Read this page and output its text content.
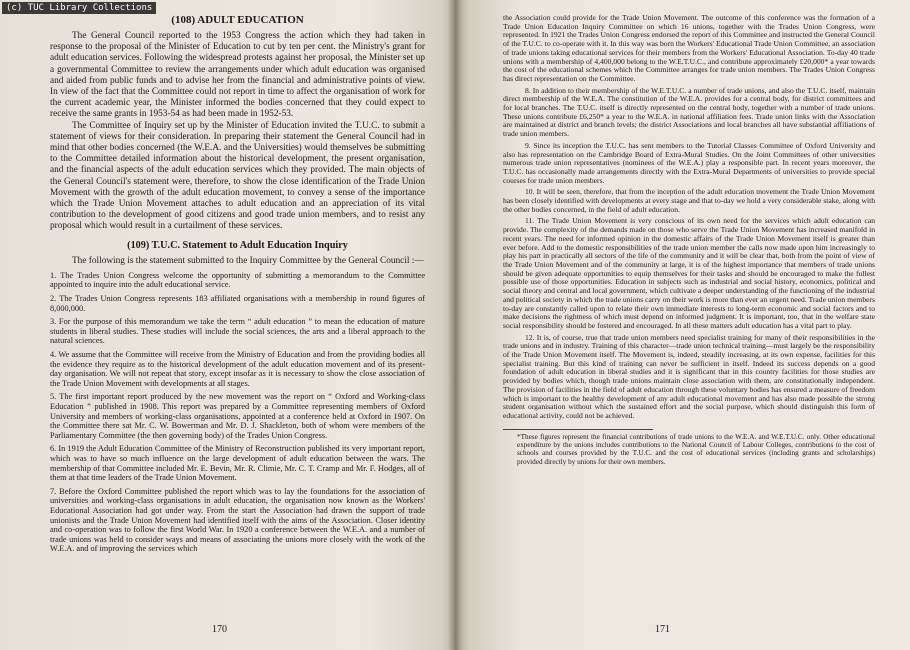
(c) TUC Library Collections
(108) ADULT EDUCATION

The General Council reported to the 1953 Congress the action which they had taken in response to the proposal of the Minister of Education to cut by ten per cent. the Ministry's grant for adult education services. Following the widespread protests against her proposal, the Minister set up a governmental Committee to review the arrangements under which adult education was organised and aided from public funds and to advise her from the financial and administrative points of view. In view of the fact that the Committee could not report in time to affect the organisation of work for the current academic year, the Minister informed the bodies concerned that they could expect to receive the same grants in 1953-54 as had been made in 1952-53.

The Committee of Inquiry set up by the Minister of Education invited the T.U.C. to submit a statement of views for their consideration. In preparing their statement the General Council had in mind that other bodies concerned (the W.E.A. and the Universities) would themselves be submitting to the Committee detailed information about the historical development, the present organisation, and the financial aspects of the adult education services which they provided. The main objects of the General Council's statement were, therefore, to show the close identification of the Trade Union Movement with the growth of the adult education movement, to convey a sense of the importance which the Trade Union Movement attaches to adult education and an appreciation of its vital contribution to the development of good citizens and good trade union members, and to resist any proposal which would result in a curtailment of these services.

(109) T.U.C. Statement to Adult Education Inquiry

The following is the statement submitted to the Inquiry Committee by the General Council :—

1. The Trades Union Congress welcome the opportunity of submitting a memorandum to the Committee appointed to inquire into the adult educational service.

2. The Trades Union Congress represents 183 affiliated organisations with a membership in round figures of 8,000,000.

3. For the purpose of this memorandum we take the term “ adult education ” to mean the education of mature students in liberal studies. These studies will include the social sciences, the arts and a liberal approach to the natural sciences.

4. We assume that the Committee will receive from the Ministry of Education and from the providing bodies all the evidence they require as to the historical development of the adult education movement and of its present-day organisation. We will not repeat that story, except insofar as it is necessary to show the close association of the Trade Union Movement with developments at all stages.

5. The first important report produced by the new movement was the report on “ Oxford and Working-class Education ” published in 1908. This report was prepared by a Committee representing members of Oxford University and members of working-class organisations, appointed at a conference held at Oxford in 1907. On the Committee there sat Mr. C. W. Bowerman and Mr. D. J. Shackleton, both of whom were members of the Parliamentary Committee (the then governing body) of the Trades Union Congress.

6. In 1919 the Adult Education Committee of the Ministry of Reconstruction published its very important report, which was to have so much influence on the large development of adult education between the wars. The membership of that Committee included Mr. E. Bevin, Mr. R. Climie, Mr. C. T. Cramp and Mr. F. Hodges, all of them at that time leaders of the Trade Union Movement.

7. Before the Oxford Committee published the report which was to lay the foundations for the association of universities and working-class organisations in adult education, the organisation now known as the Workers' Educational Association had got under way. From the start the Association had drawn the support of trade unionists and the Trade Union Movement had identified itself with the aims of the Association. Closer identity and co-operation was to follow the first World War. In 1920 a conference between the W.E.A. and a number of trade unions was held to consider ways and means of associating the unions more closely with the work of the W.E.A. and of improving the services which

170

the Association could provide for the Trade Union Movement. The outcome of this conference was the formation of a Trade Union Education Inquiry Committee on which 16 unions, together with the Trades Union Congress, were represented. In 1921 the Trades Union Congress endorsed the report of this Committee and instructed the General Council of the T.U.C. to co-operate with it. In this way was born the Workers' Educational Trade Union Committee, an association of trade unions taking educational services for their members from the Workers' Educational Association. To-day 40 trade unions with a membership of 4,400,000 belong to the W.E.T.U.C., and contribute approximately £20,000* a year towards the cost of the educational schemes which the Committee arranges for trade union members. The Trades Union Congress has direct representation on the Committee.

8. In addition to their membership of the W.E.T.U.C. a number of trade unions, and also the T.U.C. itself, maintain direct membership of the W.E.A. The constitution of the W.E.A. provides for a central body, for district committees and for local branches. The T.U.C. itself is directly represented on the central body, together with a number of trade unions. These unions contribute £6,250* a year to the W.E.A. in national affiliation fees. Trade union links with the Association are maintained at district and branch levels; the district Associations and local branches all have substantial affiliations of trade union members.

9. Since its inception the T.U.C. has sent members to the Tutorial Classes Committee of Oxford University and also has representation on the Cambridge Board of Extra-Mural Studies. On the Joint Committees of other universities numerous trade union representatives (nominees of the W.E.A.) play a responsible part. In recent years moreover, the T.U.C. has occasionally made arrangements directly with the Extra-Mural Departments of universities to provide special courses for trade union members.

10. It will be seen, therefore, that from the inception of the adult education movement the Trade Union Movement has been closely identified with developments at every stage and that to-day we hold a very considerable stake, along with the other bodies concerned, in the field of adult education.

11. The Trade Union Movement is very conscious of its own need for the services which adult education can provide. The complexity of the demands made on those who serve the Trade Union Movement has increased manifold in recent years. The need for informed opinion in the domestic affairs of the Trade Union Movement itself is greater than ever before. Add to the domestic responsibilities of the trade union member the calls now made upon him increasingly to play his part in practically all sectors of the life of the community and it will be clear that, both from the point of view of the Trade Union Movement and of the community at large, it is of the highest importance that members of trade unions should be given adequate opportunities to equip themselves for their tasks and should be encouraged to make the fullest possible use of those opportunities. Education in subjects such as industrial and social history, economics, political and social theory and central and local government, which cultivate a deeper understanding of the functioning of the industrial and political society in which the trade unions carry on their work is more than ever an urgent need. Trade union members to-day are constantly called upon to relate their own immediate interests to long-term economic and social factors and to make decisions the rightness of which must depend on informed judgment. It is important, too, that in the welfare state social responsibility should be fostered and encouraged. In all these matters adult education has a vital part to play.

12. It is, of course, true that trade union members need specialist training for many of their responsibilities in the trade unions and in industry. Training of this character—trade union technical training—must largely be the responsibility of the Trade Union Movement itself. The Movement is, indeed, steadily increasing, at its own expense, facilities for this specialist training. But this kind of training can never be sufficient in itself. Indeed its success depends on a good foundation of adult education in liberal studies and it is significant that in this country facilities for those studies are provided by bodies which, though trade unions maintain close association with them, are constitutionally independent. The provision of facilities in the field of adult education through these voluntary bodies has ensured a measure of freedom which is important to the healthy development of any adult educational movement and has also made possible the strong student organisation without which the sustained effort and the social purpose, which should distinguish this form of educational activity, could not be achieved.

*These figures represent the financial contributions of trade unions to the W.E.A. and W.E.T.U.C. only. Other educational expenditure by the unions includes contributions to the National Council of Labour Colleges, contributions to the cost of schools and courses provided by the T.U.C. and the cost of educational services (including grants and scholarships) provided directly by unions for their own members.

171
